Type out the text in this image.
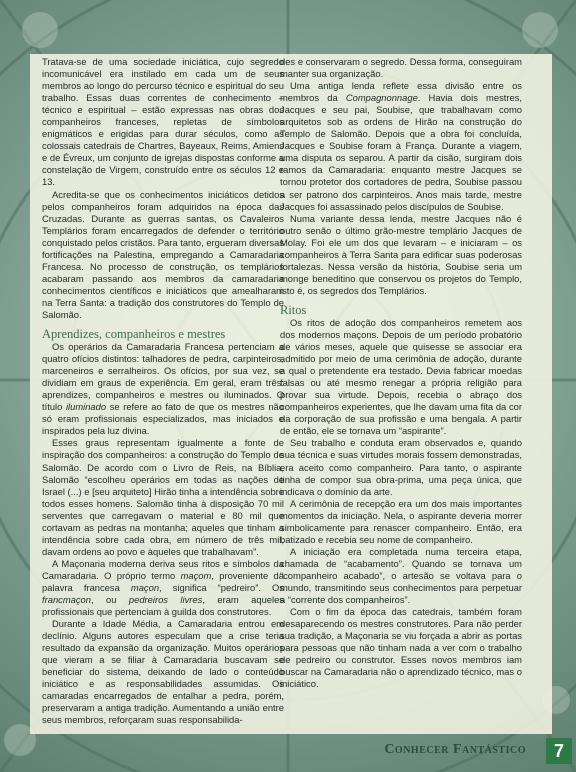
Tratava-se de uma sociedade iniciática, cujo segredo incomunicável era instilado em cada um de seus membros ao longo do percurso técnico e espiritual do seu trabalho. Essas duas correntes de conhecimento – técnico e espiritual – estão expressas nas obras dos companheiros franceses, repletas de símbolos enigmáticos e erigidas para durar séculos, como as colossais catedrais de Chartres, Bayeaux, Reims, Amiens e de Évreux, um conjunto de igrejas dispostas conforme a constelação de Virgem, construído entre os séculos 12 e 13.

Acredita-se que os conhecimentos iniciáticos detidos pelos companheiros foram adquiridos na época das Cruzadas. Durante as guerras santas, os Cavaleiros Templários foram encarregados de defender o território conquistado pelos cristãos. Para tanto, ergueram diversas fortificações na Palestina, empregando a Camaradaria Francesa. No processo de construção, os templários acabaram passando aos membros da camaradaria conhecimentos científicos e iniciáticos que amealharam na Terra Santa: a tradição dos construtores do Templo de Salomão.

Aprendizes, companheiros e mestres

Os operários da Camaradaria Francesa pertenciam a quatro ofícios distintos: talhadores de pedra, carpinteiros, marceneiros e serralheiros. Os ofícios, por sua vez, se dividiam em graus de experiência. Em geral, eram três: aprendizes, companheiros e mestres ou iluminados. O título iluminado se refere ao fato de que os mestres não só eram profissionais especializados, mas iniciados e inspirados pela luz divina.

Esses graus representam igualmente a fonte de inspiração dos companheiros: a construção do Templo de Salomão. De acordo com o Livro de Reis, na Bíblia, Salomão “escolheu operários em todas as nações de Israel (...) e [seu arquiteto] Hirão tinha a intendência sobre todos esses homens. Salomão tinha à disposição 70 mil serventes que carregavam o material e 80 mil que cortavam as pedras na montanha; aqueles que tinham a intendência sobre cada obra, em número de três mil, davam ordens ao povo e àqueles que trabalhavam”.

A Maçonaria moderna deriva seus ritos e símbolos da Camaradaria. O próprio termo maçom, proveniente da palavra francesa maçon, significa “pedreiro”. Os francmaçon, ou pedreiros livres, eram aqueles profissionais que pertenciam à guilda dos construtores.

Durante a Idade Média, a Camaradaria entrou em declínio. Alguns autores especulam que a crise teria resultado da expansão da organização. Muitos operários que vieram a se filiar à Camaradaria buscavam se beneficiar do sistema, deixando de lado o conteúdo iniciático e as responsabilidades assumidas. Os camaradas encarregados de entalhar a pedra, porém, preservaram a antiga tradição. Aumentando a união entre seus membros, reforçaram suas responsabilida-

des e conservaram o segredo. Dessa forma, conseguiram manter sua organização.

Uma antiga lenda reflete essa divisão entre os membros da Compagnonnage. Havia dois mestres, Jacques e seu pai, Soubise, que trabalhavam como arquitetos sob as ordens de Hirão na construção do Templo de Salomão. Depois que a obra foi concluída, Jacques e Soubise foram à França. Durante a viagem, uma disputa os separou. A partir da cisão, surgiram dois ramos da Camaradaria: enquanto mestre Jacques se tornou protetor dos cortadores de pedra, Soubise passou a ser patrono dos carpinteiros. Anos mais tarde, mestre Jacques foi assassinado pelos discípulos de Soubise.

Numa variante dessa lenda, mestre Jacques não é outro senão o último grão-mestre templário Jacques de Molay. Foi ele um dos que levaram – e iniciaram – os companheiros à Terra Santa para edificar suas poderosas fortalezas. Nessa versão da história, Soubise seria um monge beneditino que conservou os projetos do Templo, isto é, os segredos dos Templários.

Ritos

Os ritos de adoção dos companheiros remetem aos dos modernos maçons. Depois de um período probatório de vários meses, aquele que quisesse se associar era admitido por meio de uma cerimônia de adoção, durante a qual o pretendente era testado. Devia fabricar moedas falsas ou até mesmo renegar a própria religião para provar sua virtude. Depois, recebia o abraço dos companheiros experientes, que lhe davam uma fita da cor da corporação de sua profissão e uma bengala. A partir de então, ele se tornava um “aspirante”.

Seu trabalho e conduta eram observados e, quando sua técnica e suas virtudes morais fossem demonstradas, era aceito como companheiro. Para tanto, o aspirante tinha de compor sua obra-prima, uma peça única, que indicava o domínio da arte.

A cerimônia de recepção era um dos mais importantes momentos da iniciação. Nela, o aspirante deveria morrer simbolicamente para renascer companheiro. Então, era batizado e recebia seu nome de companheiro.

A iniciação era completada numa terceira etapa, chamada de “acabamento”. Quando se tornava um “companheiro acabado”, o artesão se voltava para o mundo, transmitindo seus conhecimentos para perpetuar a “corrente dos companheiros”.

Com o fim da época das catedrais, também foram desaparecendo os mestres construtores. Para não perder sua tradição, a Maçonaria se viu forçada a abrir as portas para pessoas que não tinham nada a ver com o trabalho de pedreiro ou construtor. Esses novos membros iam buscar na Camaradaria não o aprendizado técnico, mas o iniciático.

Conhecer Fantástico	7
